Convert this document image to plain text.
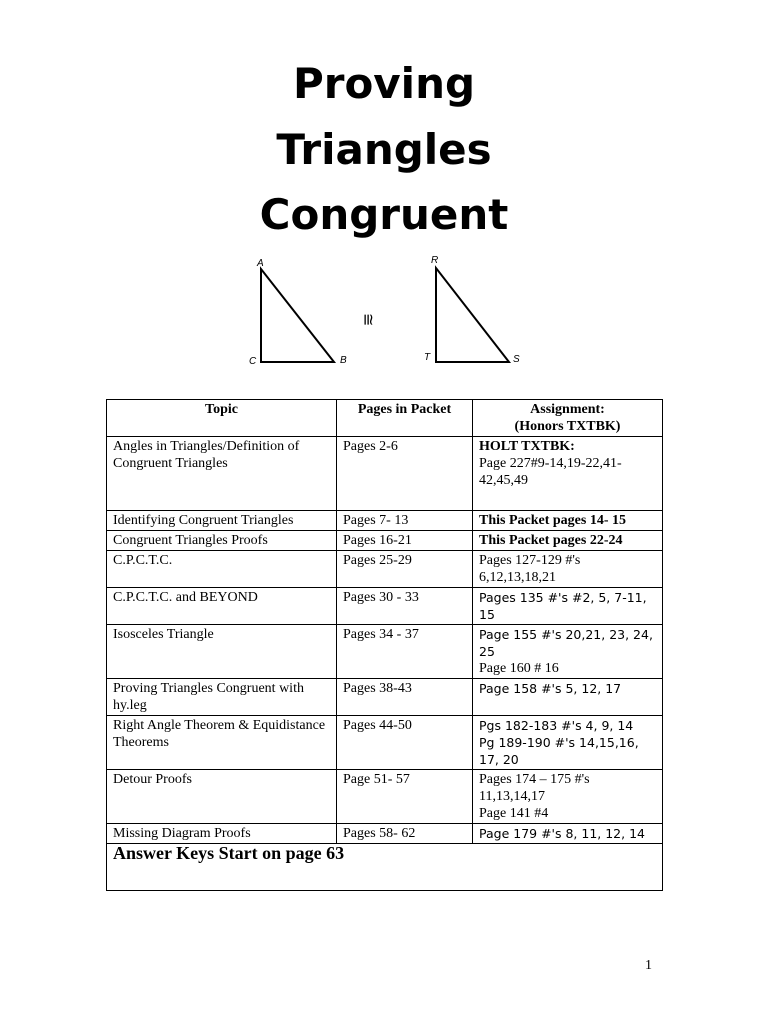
Proving
Triangles
Congruent
A
B
C
R
S
T
≅
Topic	Pages in Packet	Assignment:
(Honors TXTBK)
Angles in Triangles/Definition of Congruent Triangles	Pages 2-6	HOLT TXTBK:
Page 227#9-14,19-22,41-42,45,49

Identifying Congruent Triangles	Pages 7- 13	This Packet pages 14- 15
Congruent Triangles Proofs	Pages 16-21	This Packet pages 22-24
C.P.C.T.C.	Pages 25-29	Pages 127-129 #'s 6,12,13,18,21
C.P.C.T.C. and BEYOND	Pages 30 - 33	Pages 135 #'s #2, 5, 7-11, 15
Isosceles Triangle	Pages 34 - 37	Page 155 #'s 20,21, 23, 24, 25
Page 160 # 16

Proving Triangles Congruent with hy.leg	Pages 38-43	Page 158 #'s 5, 12, 17
Right Angle Theorem & Equidistance Theorems	Pages 44-50	Pgs 182-183 #'s 4, 9, 14
Pg 189-190 #'s 14,15,16, 17, 20

Detour Proofs	Page 51- 57	Pages 174 – 175 #'s 11,13,14,17
Page 141 #4

Missing Diagram Proofs	Pages 58- 62	Page 179 #'s 8, 11, 12, 14
Answer Keys Start on page 63		
1
